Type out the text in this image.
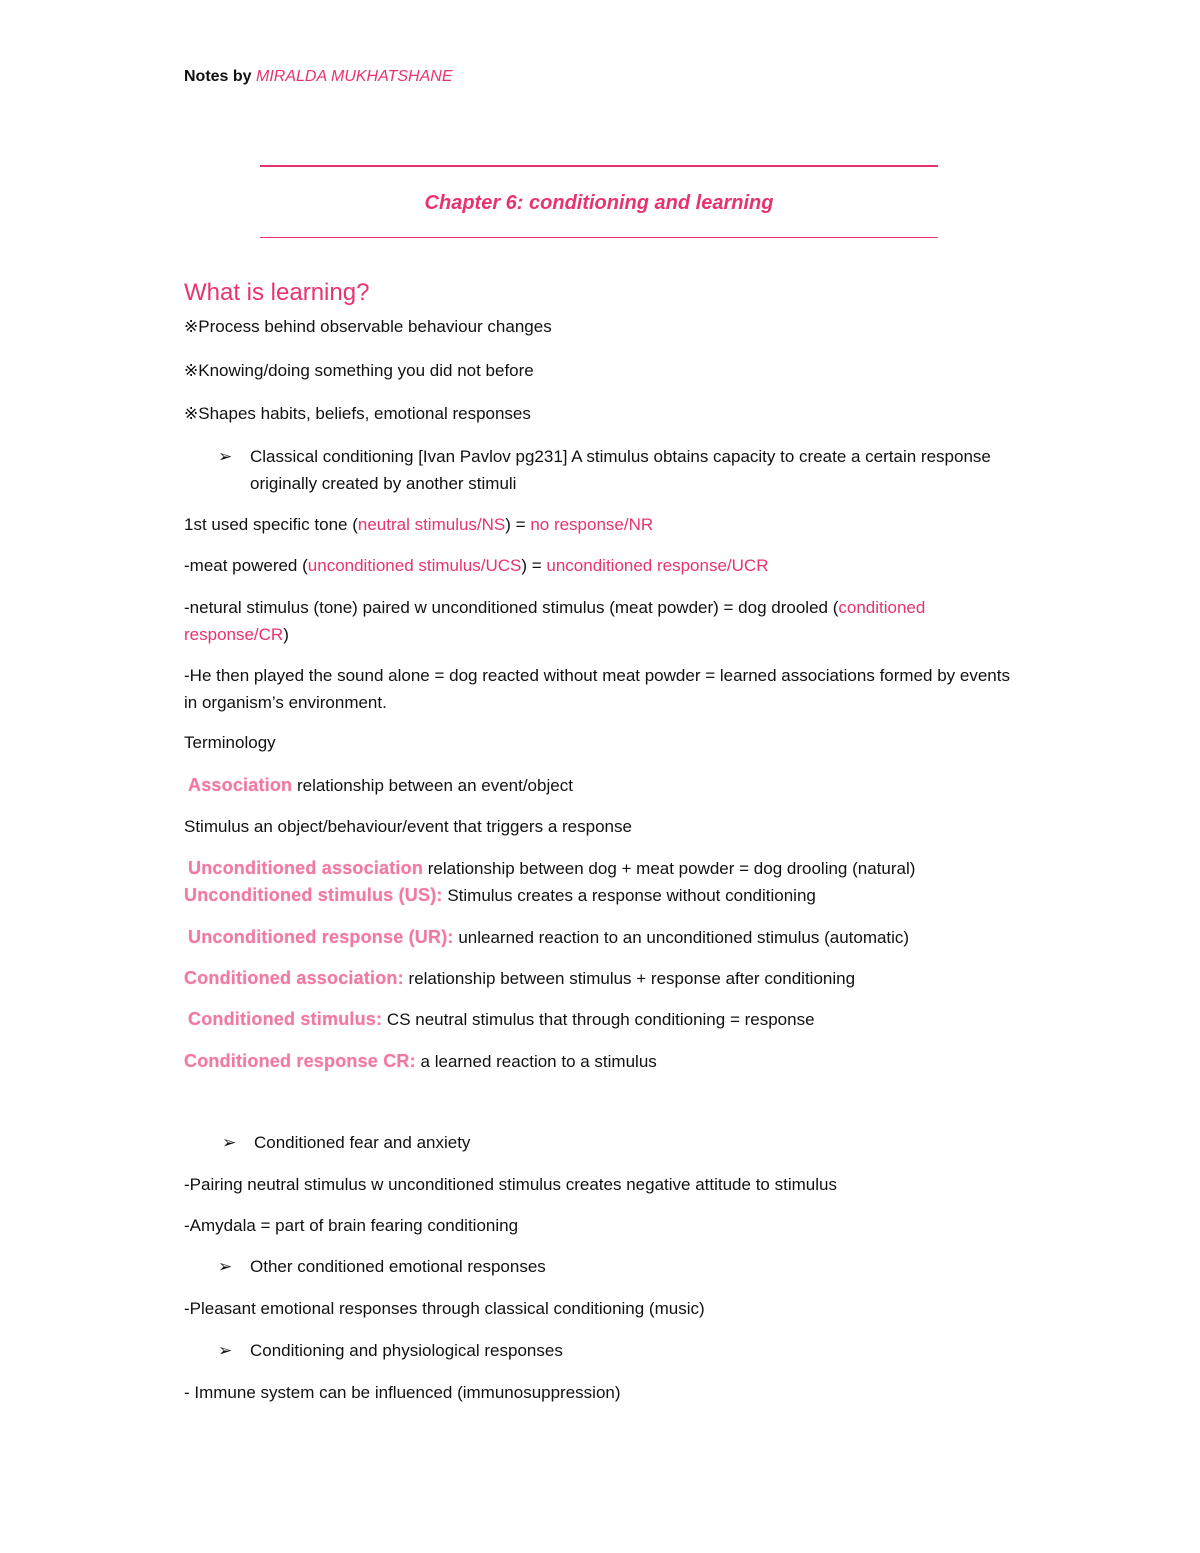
Notes by MIRALDA MUKHATSHANE
Chapter 6: conditioning and learning
What is learning?
※Process behind observable behaviour changes
※Knowing/doing something you did not before
※Shapes habits, beliefs, emotional responses
➢	Classical conditioning [Ivan Pavlov pg231] A stimulus obtains capacity to create a certain response originally created by another stimuli
1st used specific tone (neutral stimulus/NS) = no response/NR
-meat powered (unconditioned stimulus/UCS) = unconditioned response/UCR
-netural stimulus (tone) paired w unconditioned stimulus (meat powder) = dog drooled (conditioned response/CR)
-He then played the sound alone = dog reacted without meat powder = learned associations formed by events in organism’s environment.
Terminology
Association relationship between an event/object
Stimulus an object/behaviour/event that triggers a response
Unconditioned association relationship between dog + meat powder = dog drooling (natural)
Unconditioned stimulus (US): Stimulus creates a response without conditioning
Unconditioned response (UR): unlearned reaction to an unconditioned stimulus (automatic)
Conditioned association: relationship between stimulus + response after conditioning
Conditioned stimulus: CS neutral stimulus that through conditioning = response
Conditioned response CR: a learned reaction to a stimulus
➢ Conditioned fear and anxiety
-Pairing neutral stimulus w unconditioned stimulus creates negative attitude to stimulus
-Amydala = part of brain fearing conditioning
➢ Other conditioned emotional responses
-Pleasant emotional responses through classical conditioning (music)
➢ Conditioning and physiological responses
- Immune system can be influenced (immunosuppression)
